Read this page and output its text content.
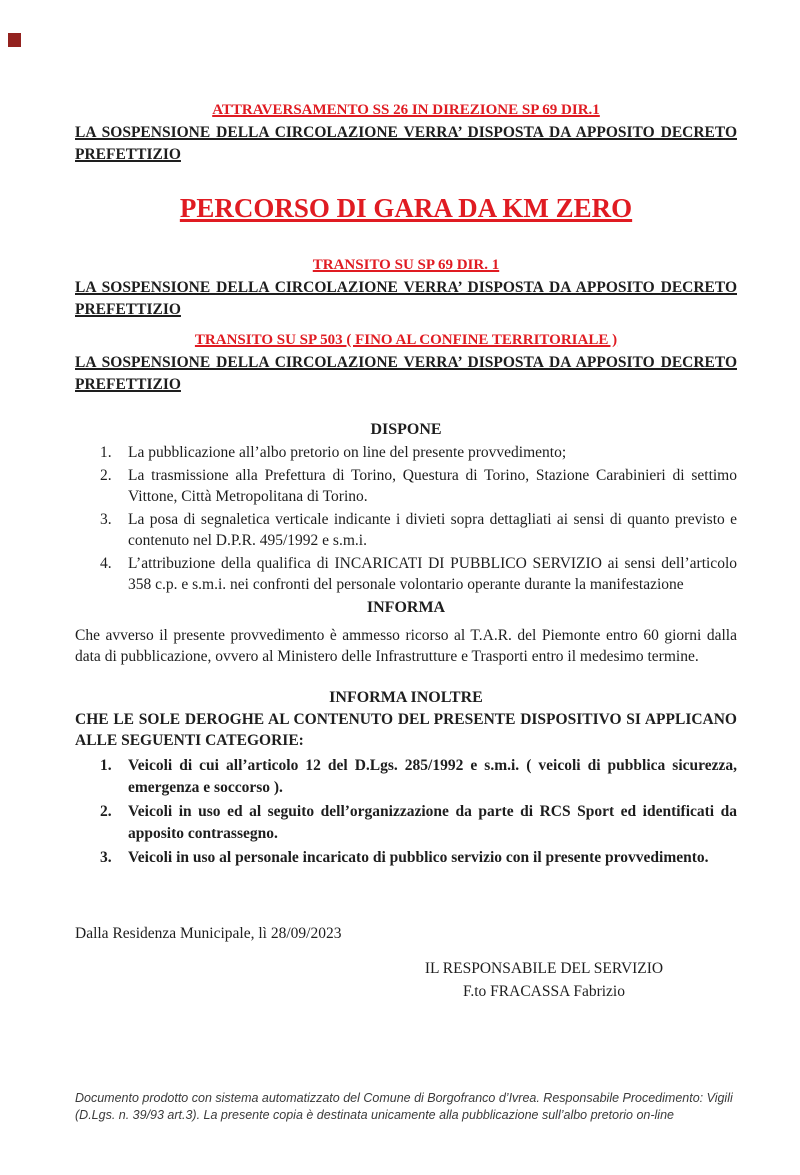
ATTRAVERSAMENTO SS 26 IN DIREZIONE SP 69 DIR.1

LA SOSPENSIONE DELLA CIRCOLAZIONE VERRA’ DISPOSTA DA APPOSITO DECRETO PREFETTIZIO

PERCORSO DI GARA DA KM ZERO

TRANSITO SU SP 69 DIR. 1

LA SOSPENSIONE DELLA CIRCOLAZIONE VERRA’ DISPOSTA DA APPOSITO DECRETO PREFETTIZIO

TRANSITO SU SP 503 ( FINO AL CONFINE TERRITORIALE )

LA SOSPENSIONE DELLA CIRCOLAZIONE VERRA’ DISPOSTA DA APPOSITO DECRETO PREFETTIZIO

DISPONE

La pubblicazione all’albo pretorio on line del presente provvedimento;
La trasmissione alla Prefettura di Torino, Questura di Torino, Stazione Carabinieri di settimo Vittone, Città Metropolitana di Torino.
La posa di segnaletica verticale indicante i divieti sopra dettagliati ai sensi di quanto previsto e contenuto nel D.P.R. 495/1992 e s.m.i.
L’attribuzione della qualifica di INCARICATI DI PUBBLICO SERVIZIO ai sensi dell’articolo 358 c.p. e s.m.i. nei confronti del personale volontario operante durante la manifestazione

INFORMA

Che avverso il presente provvedimento è ammesso ricorso al T.A.R. del Piemonte entro 60 giorni dalla data di pubblicazione, ovvero al Ministero delle Infrastrutture e Trasporti entro il medesimo termine.

INFORMA INOLTRE

CHE LE SOLE DEROGHE AL CONTENUTO DEL PRESENTE DISPOSITIVO SI APPLICANO ALLE SEGUENTI CATEGORIE:

Veicoli di cui all’articolo 12 del D.Lgs. 285/1992 e s.m.i. ( veicoli di pubblica sicurezza, emergenza e soccorso ).
Veicoli in uso ed al seguito dell’organizzazione da parte di RCS Sport ed identificati da apposito contrassegno.
Veicoli in uso al personale incaricato di pubblico servizio con il presente provvedimento.

Dalla Residenza Municipale, lì 28/09/2023

IL RESPONSABILE DEL SERVIZIO
F.to FRACASSA Fabrizio

Documento prodotto con sistema automatizzato del Comune di Borgofranco d’Ivrea. Responsabile Procedimento: Vigili (D.Lgs. n. 39/93 art.3). La presente copia è destinata unicamente alla pubblicazione sull’albo pretorio on-line
